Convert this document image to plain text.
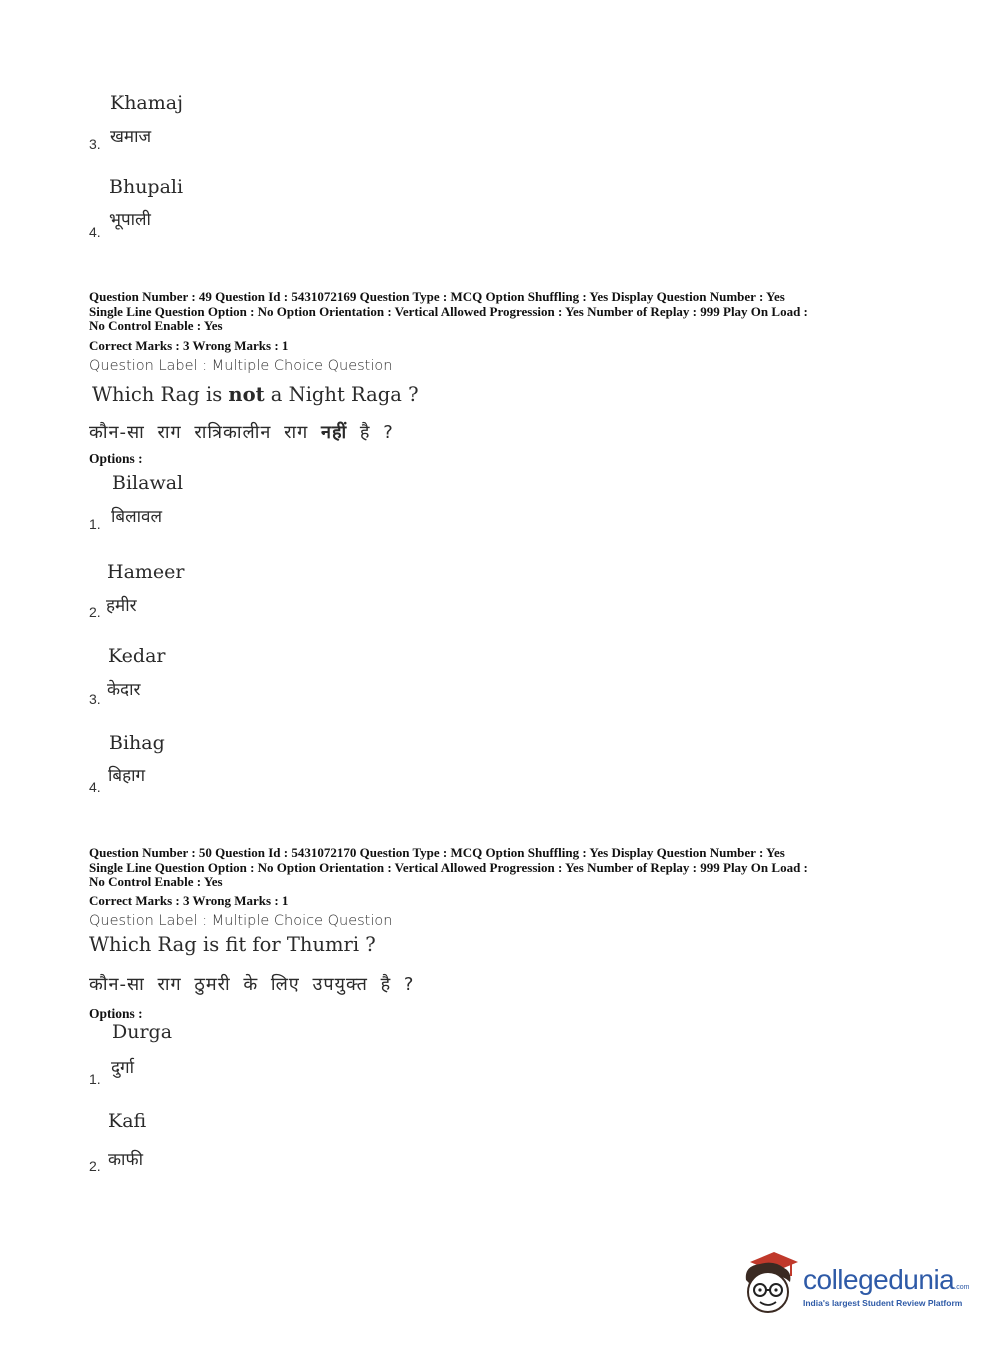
Khamaj
3. खमाज
Bhupali
4.
भूपाली
Question Number : 49 Question Id : 5431072169 Question Type : MCQ Option Shuffling : Yes Display Question Number : Yes
Single Line Question Option : No Option Orientation : Vertical Allowed Progression : Yes Number of Replay : 999 Play On Load :
No Control Enable : Yes
Correct Marks : 3 Wrong Marks : 1
Question Label : Multiple Choice Question
Which Rag is not a Night Raga ?
कौन-सा राग रात्रिकालीन राग नहीं है ?
Options :
Bilawal
1. बिलावल
Hameer
2. हमीर
Kedar
3. केदार
Bihag
4.
बिहाग
Question Number : 50 Question Id : 5431072170 Question Type : MCQ Option Shuffling : Yes Display Question Number : Yes
Single Line Question Option : No Option Orientation : Vertical Allowed Progression : Yes Number of Replay : 999 Play On Load :
No Control Enable : Yes
Correct Marks : 3 Wrong Marks : 1
Question Label : Multiple Choice Question
Which Rag is fit for Thumri ?
कौन-सा राग ठुमरी के लिए उपयुक्त है ?
Options :
Durga
1.
दुर्गा
Kafi
2. काफी
collegedunia.com
India's largest Student Review Platform
